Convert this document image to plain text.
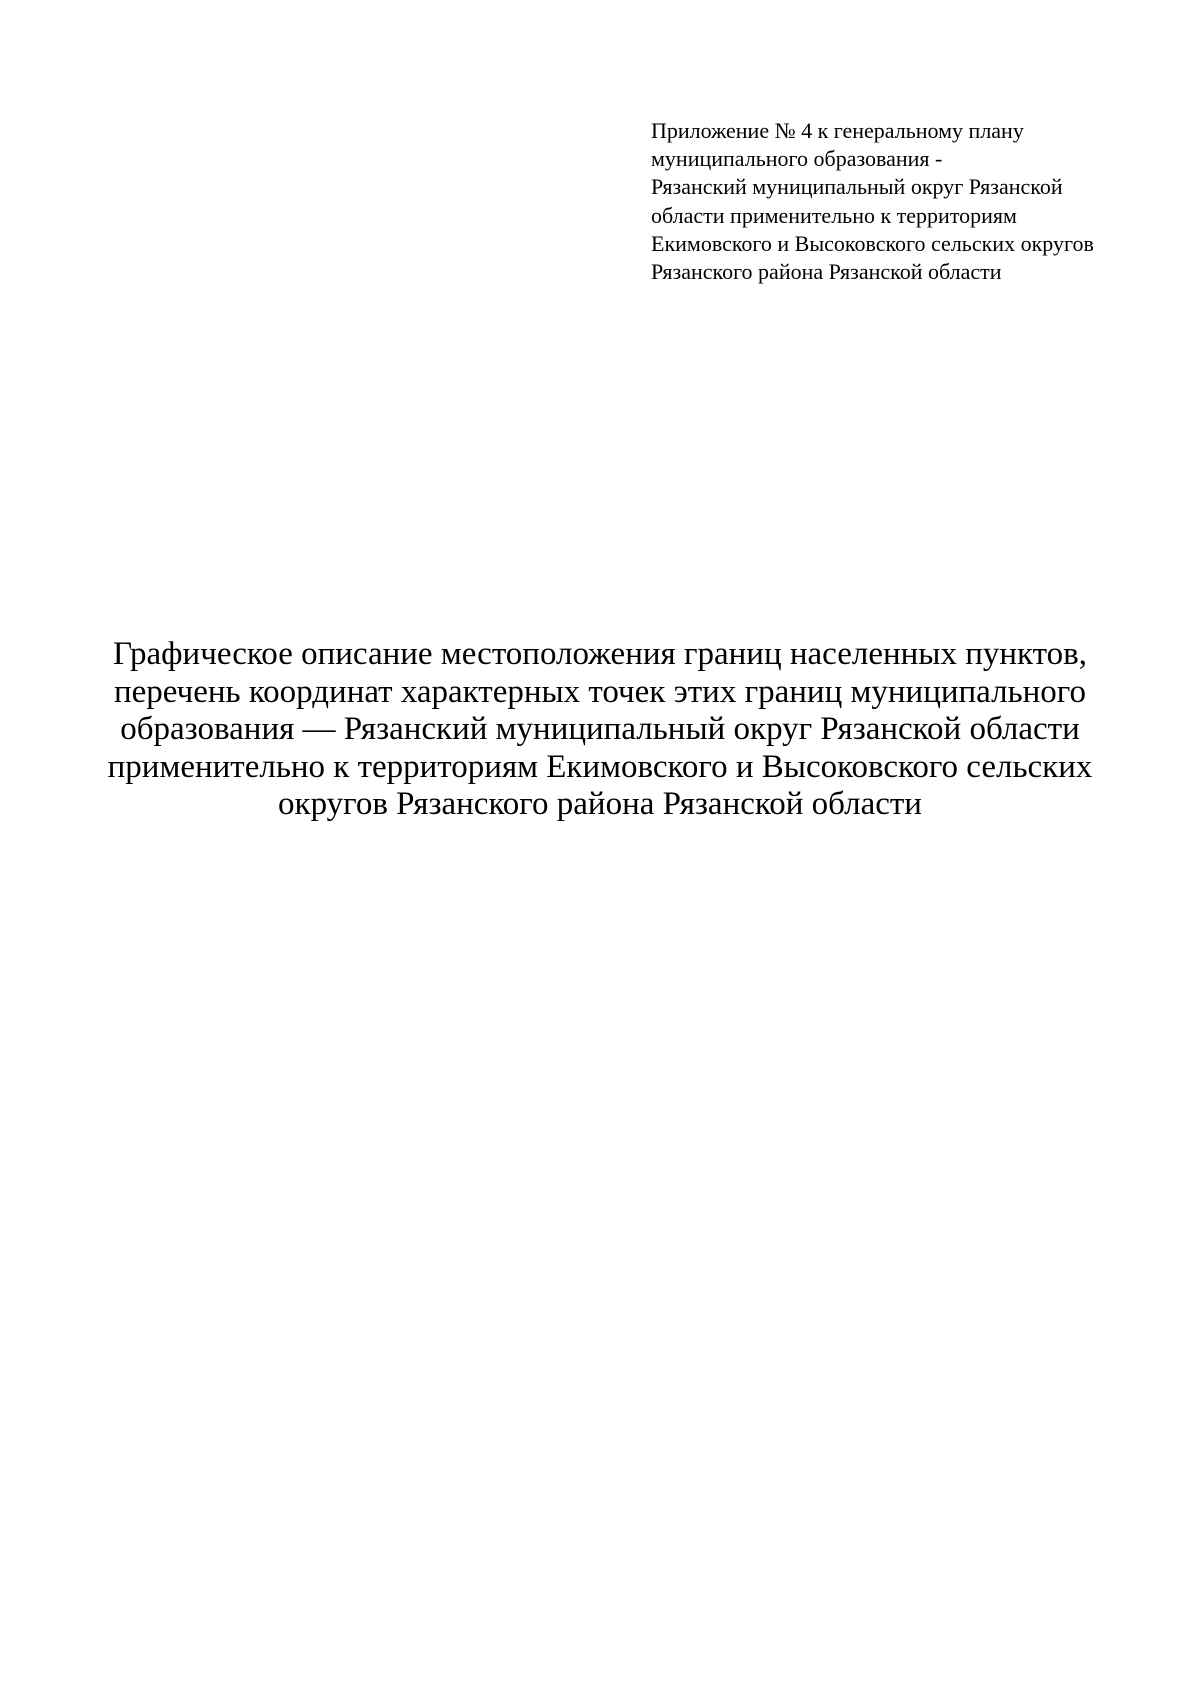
Приложение № 4 к генеральному плану
муниципального образования -
Рязанский муниципальный округ Рязанской
области применительно к территориям
Екимовского и Высоковского сельских округов
Рязанского района Рязанской области
Графическое описание местоположения границ населенных пунктов,
перечень координат характерных точек этих границ муниципального
образования — Рязанский муниципальный округ Рязанской области
применительно к территориям Екимовского и Высоковского сельских
округов Рязанского района Рязанской области
